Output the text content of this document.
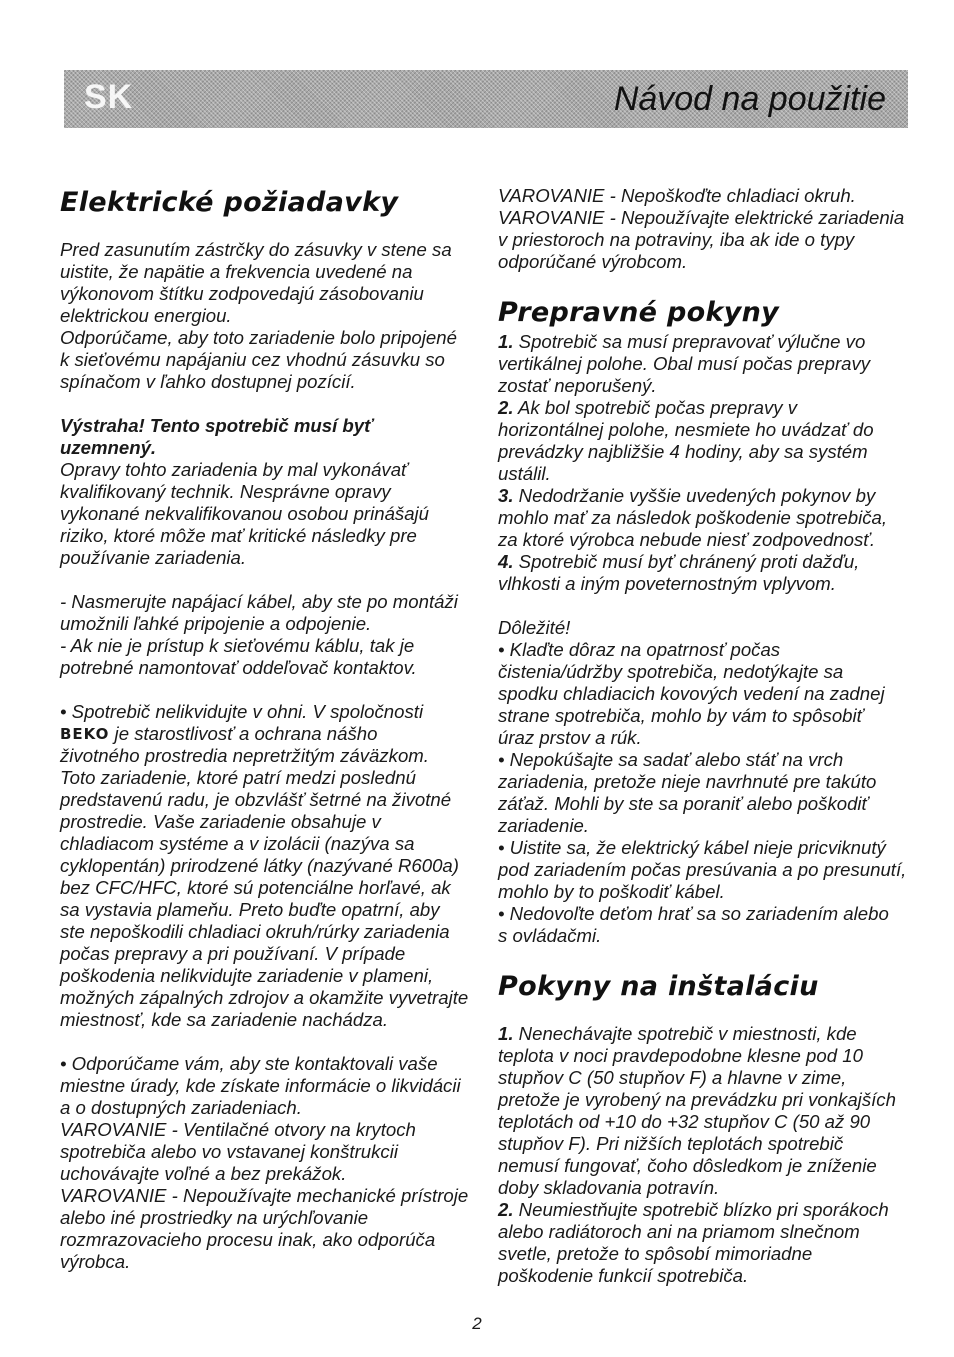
SK	Návod na použitie
Elektrické požiadavky

Pred zasunutím zástrčky do zásuvky v stene sa
uistite, že napätie a frekvencia uvedené na
výkonovom štítku zodpovedajú zásobovaniu
elektrickou energiou.
Odporúčame, aby toto zariadenie bolo pripojené
k sieťovému napájaniu cez vhodnú zásuvku so
spínačom v ľahko dostupnej pozícií.

Výstraha! Tento spotrebič musí byť
uzemnený.

Opravy tohto zariadenia by mal vykonávať
kvalifikovaný technik. Nesprávne opravy
vykonané nekvalifikovanou osobou prinášajú
riziko, ktoré môže mať kritické následky pre
používanie zariadenia.

- Nasmerujte napájací kábel, aby ste po montáži
umožnili ľahké pripojenie a odpojenie.
- Ak nie je prístup k sieťovému káblu, tak je
potrebné namontovať oddeľovač kontaktov.

• Spotrebič nelikvidujte v ohni. V spoločnosti
BEKO je starostlivosť a ochrana nášho
životného prostredia nepretržitým záväzkom.
Toto zariadenie, ktoré patrí medzi poslednú
predstavenú radu, je obzvlášť šetrné na životné
prostredie. Vaše zariadenie obsahuje v
chladiacom systéme a v izolácii (nazýva sa
cyklopentán) prirodzené látky (nazývané R600a)
bez CFC/HFC, ktoré sú potenciálne horľavé, ak
sa vystavia plameňu. Preto buďte opatrní, aby
ste nepoškodili chladiaci okruh/rúrky zariadenia
počas prepravy a pri používaní. V prípade
poškodenia nelikvidujte zariadenie v plameni,
možných zápalných zdrojov a okamžite vyvetrajte
miestnosť, kde sa zariadenie nachádza.

• Odporúčame vám, aby ste kontaktovali vaše
miestne úrady, kde získate informácie o likvidácii
a o dostupných zariadeniach.
VAROVANIE - Ventilačné otvory na krytoch
spotrebiča alebo vo vstavanej konštrukcii
uchovávajte voľné a bez prekážok.
VAROVANIE - Nepoužívajte mechanické prístroje
alebo iné prostriedky na urýchľovanie
rozmrazovacieho procesu inak, ako odporúča
výrobca.

VAROVANIE - Nepoškoďte chladiaci okruh.
VAROVANIE - Nepoužívajte elektrické zariadenia
v priestoroch na potraviny, iba ak ide o typy
odporúčané výrobcom.

Prepravné pokyny

1. Spotrebič sa musí prepravovať výlučne vo
vertikálnej polohe. Obal musí počas prepravy
zostať neporušený.

2. Ak bol spotrebič počas prepravy v
horizontálnej polohe, nesmiete ho uvádzať do
prevádzky najbližšie 4 hodiny, aby sa systém
ustálil.

3. Nedodržanie vyššie uvedených pokynov by
mohlo mať za následok poškodenie spotrebiča,
za ktoré výrobca nebude niesť zodpovednosť.

4. Spotrebič musí byť chránený proti dažďu,
vlhkosti a iným poveternostným vplyvom.

Dôležité!
• Klaďte dôraz na opatrnosť počas
čistenia/údržby spotrebiča, nedotýkajte sa
spodku chladiacich kovových vedení na zadnej
strane spotrebiča, mohlo by vám to spôsobiť
úraz prstov a rúk.
• Nepokúšajte sa sadať alebo stáť na vrch
zariadenia, pretože nieje navrhnuté pre takúto
záťaž. Mohli by ste sa poraniť alebo poškodiť
zariadenie.
• Uistite sa, že elektrický kábel nieje pricviknutý
pod zariadením počas presúvania a po presunutí,
mohlo by to poškodiť kábel.
• Nedovoľte deťom hrať sa so zariadením alebo
s ovládačmi.

Pokyny na inštaláciu

1. Nenechávajte spotrebič v miestnosti, kde
teplota v noci pravdepodobne klesne pod 10
stupňov C (50 stupňov F) a hlavne v zime,
pretože je vyrobený na prevádzku pri vonkajších
teplotách od +10 do +32 stupňov C (50 až 90
stupňov F). Pri nižších teplotách spotrebič
nemusí fungovať, čoho dôsledkom je zníženie
doby skladovania potravín.

2. Neumiestňujte spotrebič blízko pri sporákoch
alebo radiátoroch ani na priamom slnečnom
svetle, pretože to spôsobí mimoriadne
poškodenie funkcií spotrebiča.

2
